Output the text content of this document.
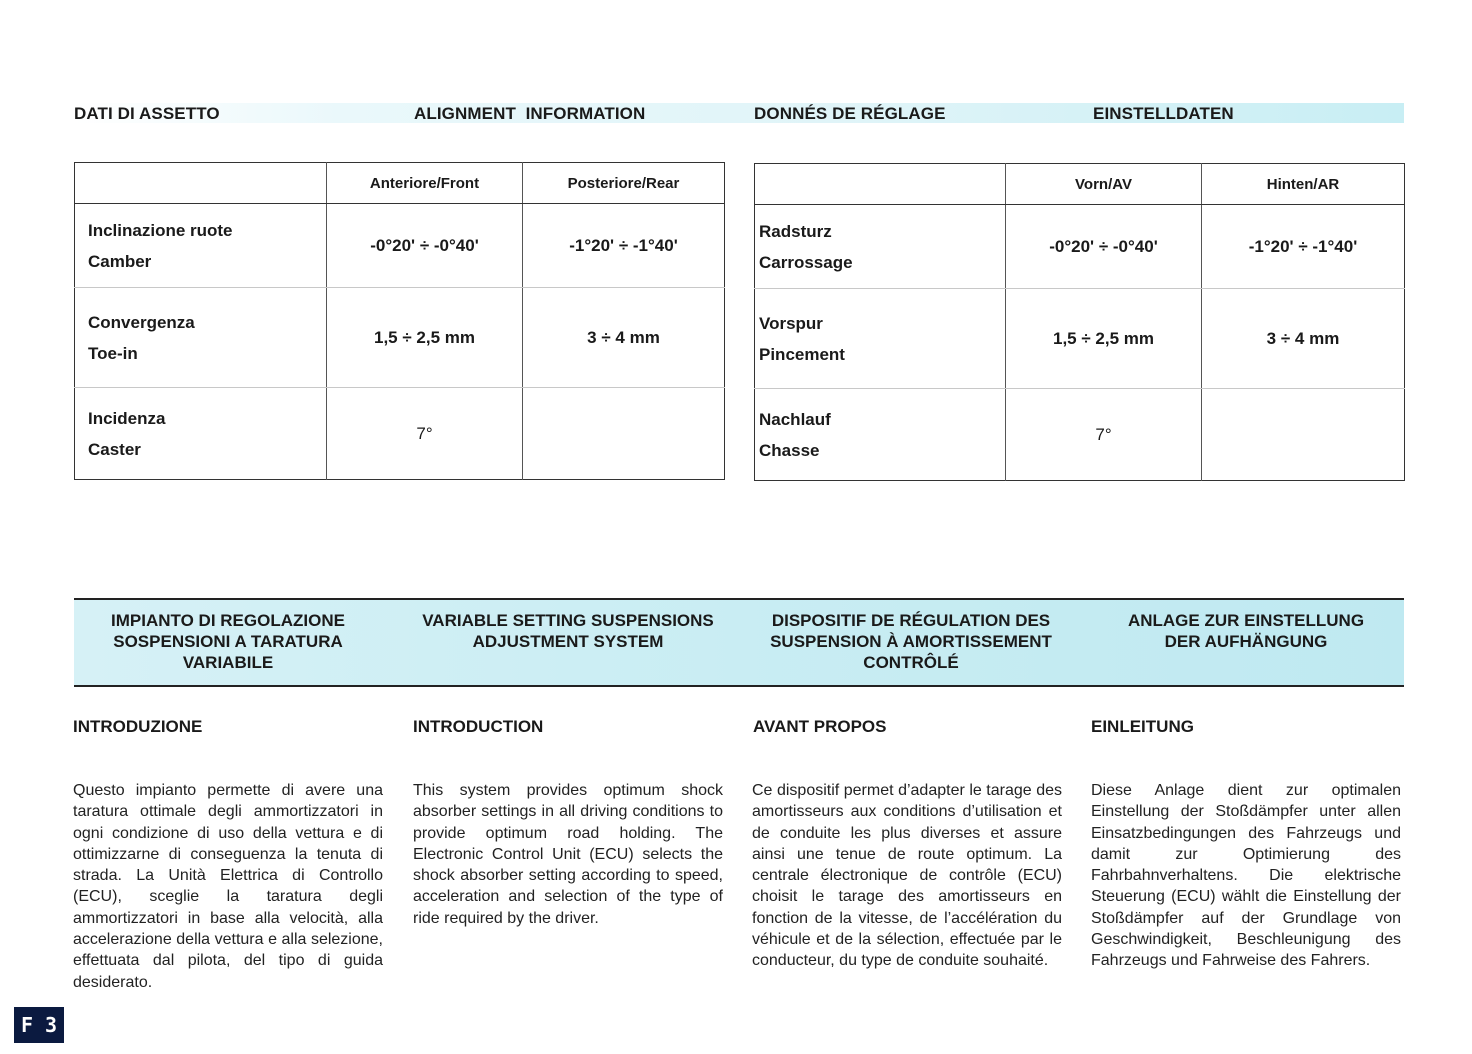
DATI DI ASSETTO	ALIGNMENT  INFORMATION	DONNÉS DE RÉGLAGE	EINSTELLDATEN
	Anteriore/Front	Posteriore/Rear

Inclinazione ruote
Camber	-0°20' ÷ -0°40'	-1°20' ÷ -1°40'

Convergenza
Toe-in	1,5 ÷ 2,5 mm	3 ÷ 4 mm

Incidenza
Caster	7°	
	Vorn/AV	Hinten/AR

Radsturz
Carrossage	-0°20' ÷ -0°40'	-1°20' ÷ -1°40'

Vorspur
Pincement	1,5 ÷ 2,5 mm	3 ÷ 4 mm

Nachlauf
Chasse	7°	
IMPIANTO DI REGOLAZIONE
SOSPENSIONI A TARATURA
VARIABILE
VARIABLE SETTING SUSPENSIONS
ADJUSTMENT SYSTEM
DISPOSITIF DE RÉGULATION DES
SUSPENSION À AMORTISSEMENT
CONTRÔLÉ
ANLAGE ZUR EINSTELLUNG
DER AUFHÄNGUNG
INTRODUZIONE	INTRODUCTION	AVANT PROPOS	EINLEITUNG
Questo impianto permette di avere una taratura ottimale degli ammortizzatori in ogni condizione di uso della vettura e di ottimizzarne di conseguenza la tenuta di strada. La Unità Elettrica di Controllo (ECU), sceglie la taratura degli ammortizzatori in base alla velocità, alla accelerazione della vettura e alla selezione, effettuata dal pilota, del tipo di guida desiderato.
This system provides optimum shock absorber settings in all driving conditions to provide optimum road holding. The Electronic Control Unit (ECU) selects the shock absorber setting according to speed, acceleration and selection of the type of ride required by the driver.
Ce dispositif permet d’adapter le tarage des amortisseurs aux conditions d’utilisation et de conduite les plus diverses et assure ainsi une tenue de route optimum. La centrale électronique de contrôle (ECU) choisit le tarage des amortisseurs en fonction de la vitesse, de l’accélération du véhicule et de la sélection, effectuée par le conducteur, du type de conduite souhaité.
Diese Anlage dient zur optimalen Einstellung der Stoßdämpfer unter allen Einsatzbedingungen des Fahrzeugs und damit zur Optimierung des Fahrbahnverhaltens. Die elektrische Steuerung (ECU) wählt die Einstellung der Stoßdämpfer auf der Grundlage von Geschwindigkeit, Beschleunigung des Fahrzeugs und Fahrweise des Fahrers.
F 3
